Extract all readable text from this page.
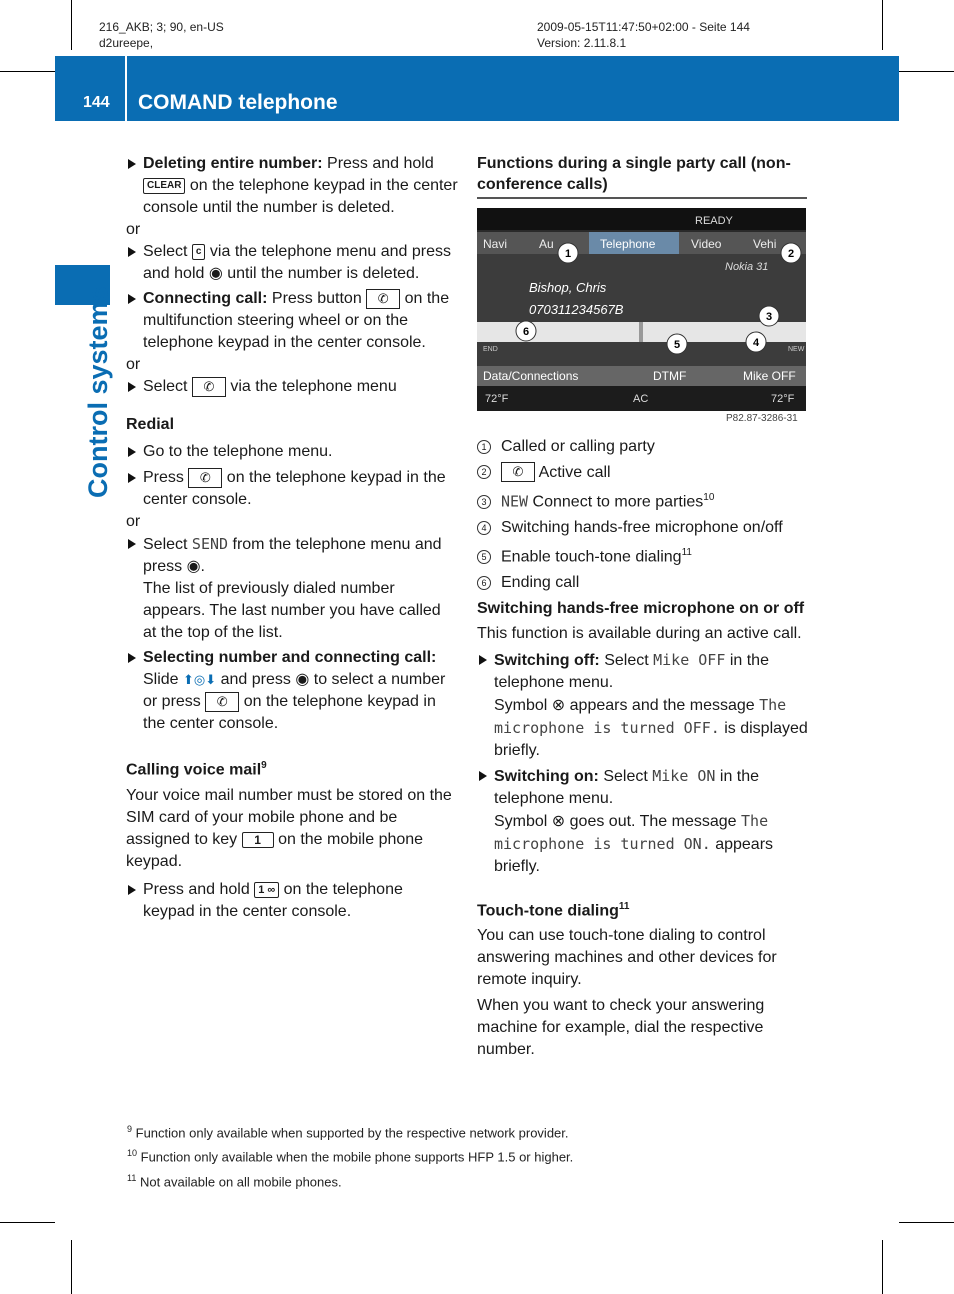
216_AKB; 3; 90, en-US
d2ureepe,
2009-05-15T11:47:50+02:00 - Seite 144
Version: 2.11.8.1
144 COMAND telephone
Control systems

Deleting entire number: Press and hold CLEAR on the telephone keypad in the center console until the number is deleted.

or

Select c via the telephone menu and press and hold ◉ until the number is deleted.

Connecting call: Press button ✆ on the multifunction steering wheel or on the telephone keypad in the center console.

or

Select ✆ via the telephone menu

Redial

Go to the telephone menu.

Press ✆ on the telephone keypad in the center console.

or

Select SEND from the telephone menu and press ◉.
The list of previously dialed number appears. The last number you have called at the top of the list.

Selecting number and connecting call:
Slide ⬆◎⬇ and press ◉ to select a number or press ✆ on the telephone keypad in the center console.

Calling voice mail$^9$

Your voice mail number must be stored on the SIM card of your mobile phone and be assigned to key 1 on the mobile phone keypad.

Press and hold 1 ∞ on the telephone keypad in the center console.

Functions during a single party call (non-conference calls)

READY
Navi	Au	Telephone	Video	Vehi
Nokia 31
Bishop, Chris
070311234567B
END	NEW
Data/Connections	DTMF	Mike OFF
72°F	AC	72°F
1	2
3
4
5
6
P82.87-3286-31

1 Called or calling party

2 ✆ Active call

3 NEW Connect to more parties$^{10}$

4 Switching hands-free microphone on/off

5 Enable touch-tone dialing$^{11}$

6 Ending call

Switching hands-free microphone on or off

This function is available during an active call.

Switching off: Select Mike OFF in the telephone menu.
Symbol ⊗ appears and the message The microphone is turned OFF. is displayed briefly.

Switching on: Select Mike ON in the telephone menu.
Symbol ⊗ goes out. The message The microphone is turned ON. appears briefly.

Touch-tone dialing$^{11}$

You can use touch-tone dialing to control answering machines and other devices for remote inquiry.

When you want to check your answering machine for example, dial the respective number.

$^9$ Function only available when supported by the respective network provider.
$^{10}$ Function only available when the mobile phone supports HFP 1.5 or higher.
$^{11}$ Not available on all mobile phones.
